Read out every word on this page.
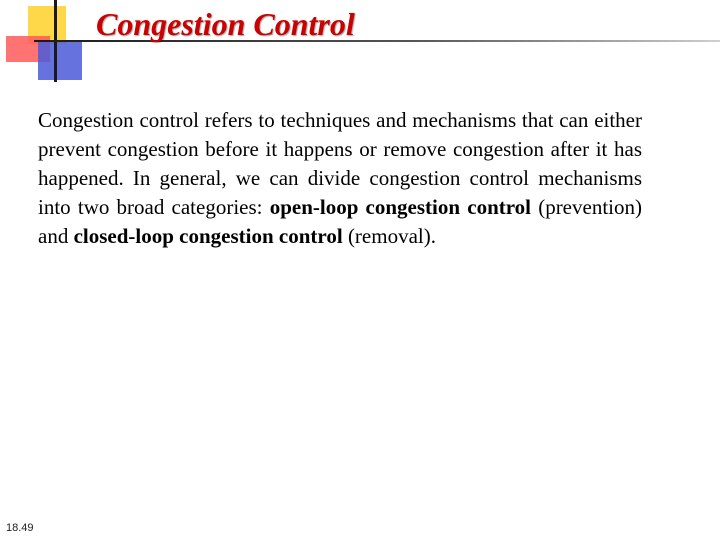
Congestion Control

Congestion control refers to techniques and mechanisms that can either prevent congestion before it happens or remove congestion after it has happened. In general, we can divide congestion control mechanisms into two broad categories: open-loop congestion control (prevention) and closed-loop congestion control (removal).

18.49
